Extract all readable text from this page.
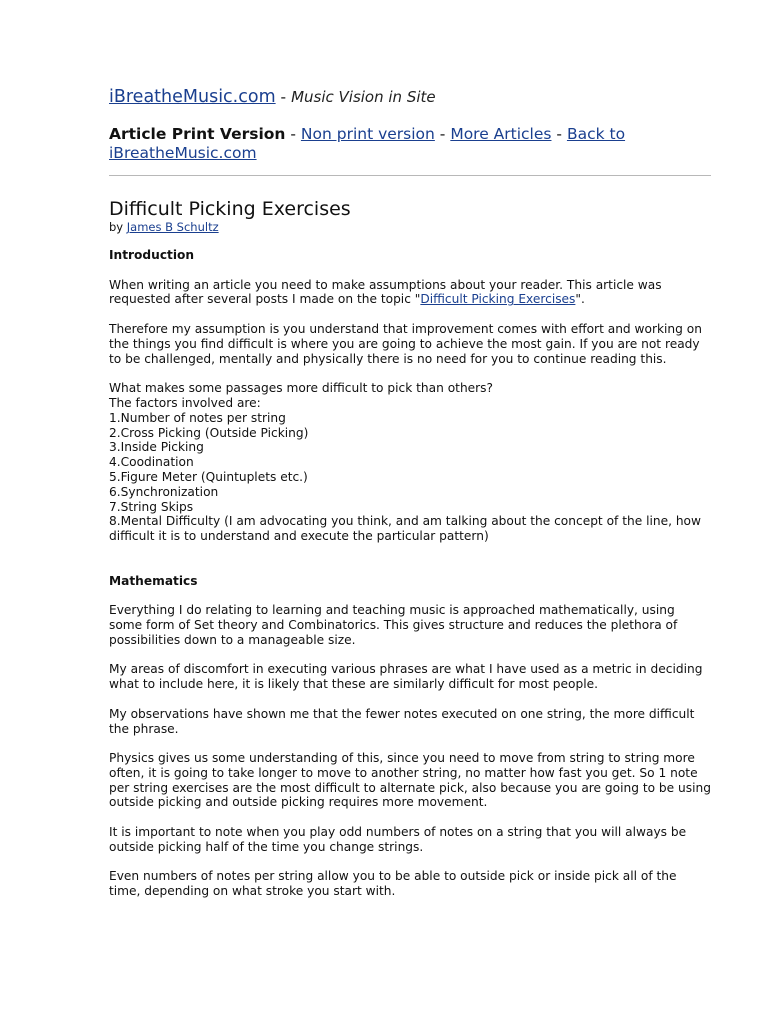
iBreatheMusic.com - Music Vision in Site
Article Print Version - Non print version - More Articles - Back to iBreatheMusic.com
Difficult Picking Exercises
by James B Schultz
Introduction

When writing an article you need to make assumptions about your reader. This article was requested after several posts I made on the topic "Difficult Picking Exercises".

Therefore my assumption is you understand that improvement comes with effort and working on the things you find difficult is where you are going to achieve the most gain. If you are not ready to be challenged, mentally and physically there is no need for you to continue reading this.

What makes some passages more difficult to pick than others?
The factors involved are:
1.Number of notes per string
2.Cross Picking (Outside Picking)
3.Inside Picking
4.Coodination
5.Figure Meter (Quintuplets etc.)
6.Synchronization
7.String Skips
8.Mental Difficulty (I am advocating you think, and am talking about the concept of the line, how difficult it is to understand and execute the particular pattern)
Mathematics

Everything I do relating to learning and teaching music is approached mathematically, using some form of Set theory and Combinatorics. This gives structure and reduces the plethora of possibilities down to a manageable size.

My areas of discomfort in executing various phrases are what I have used as a metric in deciding what to include here, it is likely that these are similarly difficult for most people.

My observations have shown me that the fewer notes executed on one string, the more difficult the phrase.

Physics gives us some understanding of this, since you need to move from string to string more often, it is going to take longer to move to another string, no matter how fast you get. So 1 note per string exercises are the most difficult to alternate pick, also because you are going to be using outside picking and outside picking requires more movement.

It is important to note when you play odd numbers of notes on a string that you will always be outside picking half of the time you change strings.

Even numbers of notes per string allow you to be able to outside pick or inside pick all of the time, depending on what stroke you start with.
